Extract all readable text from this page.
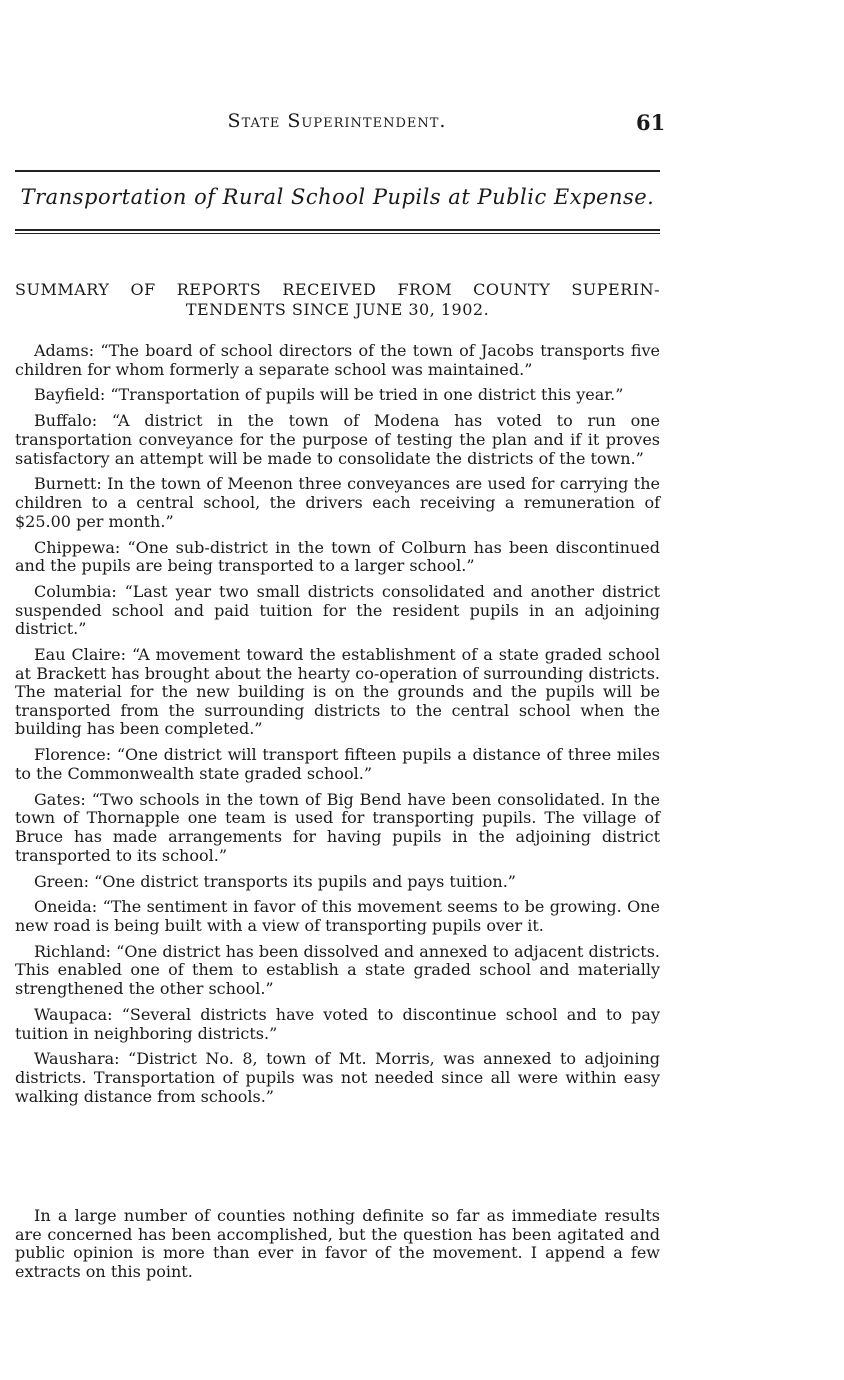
State Superintendent.	61
Transportation of Rural School Pupils at Public Expense.
SUMMARY OF REPORTS RECEIVED FROM COUNTY SUPERIN-
TENDENTS SINCE JUNE 30, 1902.

Adams: “The board of school directors of the town of Jacobs transports five children for whom formerly a separate school was maintained.”

Bayfield: “Transportation of pupils will be tried in one district this year.”

Buffalo: “A district in the town of Modena has voted to run one transportation conveyance for the purpose of testing the plan and if it proves satisfactory an attempt will be made to consolidate the districts of the town.”

Burnett: In the town of Meenon three conveyances are used for carrying the children to a central school, the drivers each receiving a remuneration of $25.00 per month.”

Chippewa: “One sub-district in the town of Colburn has been discontinued and the pupils are being transported to a larger school.”

Columbia: “Last year two small districts consolidated and another district suspended school and paid tuition for the resident pupils in an adjoining district.”

Eau Claire: “A movement toward the establishment of a state graded school at Brackett has brought about the hearty co-operation of surrounding districts. The material for the new building is on the grounds and the pupils will be transported from the surrounding districts to the central school when the building has been completed.”

Florence: “One district will transport fifteen pupils a distance of three miles to the Commonwealth state graded school.”

Gates: “Two schools in the town of Big Bend have been consolidated. In the town of Thornapple one team is used for transporting pupils. The village of Bruce has made arrangements for having pupils in the adjoining district transported to its school.”

Green: “One district transports its pupils and pays tuition.”

Oneida: “The sentiment in favor of this movement seems to be growing. One new road is being built with a view of transporting pupils over it.

Richland: “One district has been dissolved and annexed to adjacent districts. This enabled one of them to establish a state graded school and materially strengthened the other school.”

Waupaca: “Several districts have voted to discontinue school and to pay tuition in neighboring districts.”

Waushara: “District No. 8, town of Mt. Morris, was annexed to adjoining districts. Transportation of pupils was not needed since all were within easy walking distance from schools.”

In a large number of counties nothing definite so far as immediate results are concerned has been accomplished, but the question has been agitated and public opinion is more than ever in favor of the movement. I append a few extracts on this point.
